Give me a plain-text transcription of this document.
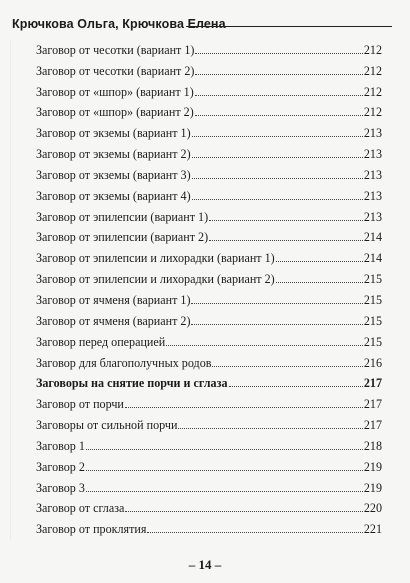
Крючкова Ольга, Крючкова Елена
Заговор от чесотки (вариант 1)	212
Заговор от чесотки (вариант 2)	212
Заговор от «шпор» (вариант 1)	212
Заговор от «шпор» (вариант 2)	212
Заговор от экземы (вариант 1)	213
Заговор от экземы (вариант 2)	213
Заговор от экземы (вариант 3)	213
Заговор от экземы (вариант 4)	213
Заговор от эпилепсии (вариант 1)	213
Заговор от эпилепсии (вариант 2)	214
Заговор от эпилепсии и лихорадки (вариант 1)	214
Заговор от эпилепсии и лихорадки (вариант 2)	215
Заговор от ячменя (вариант 1)	215
Заговор от ячменя (вариант 2)	215
Заговор перед операцией	215
Заговор для благополучных родов	216
Заговоры на снятие порчи и сглаза	217
Заговор от порчи	217
Заговоры от сильной порчи	217
Заговор 1	218
Заговор 2	219
Заговор 3	219
Заговор от сглаза	220
Заговор от проклятия	221
– 14 –
